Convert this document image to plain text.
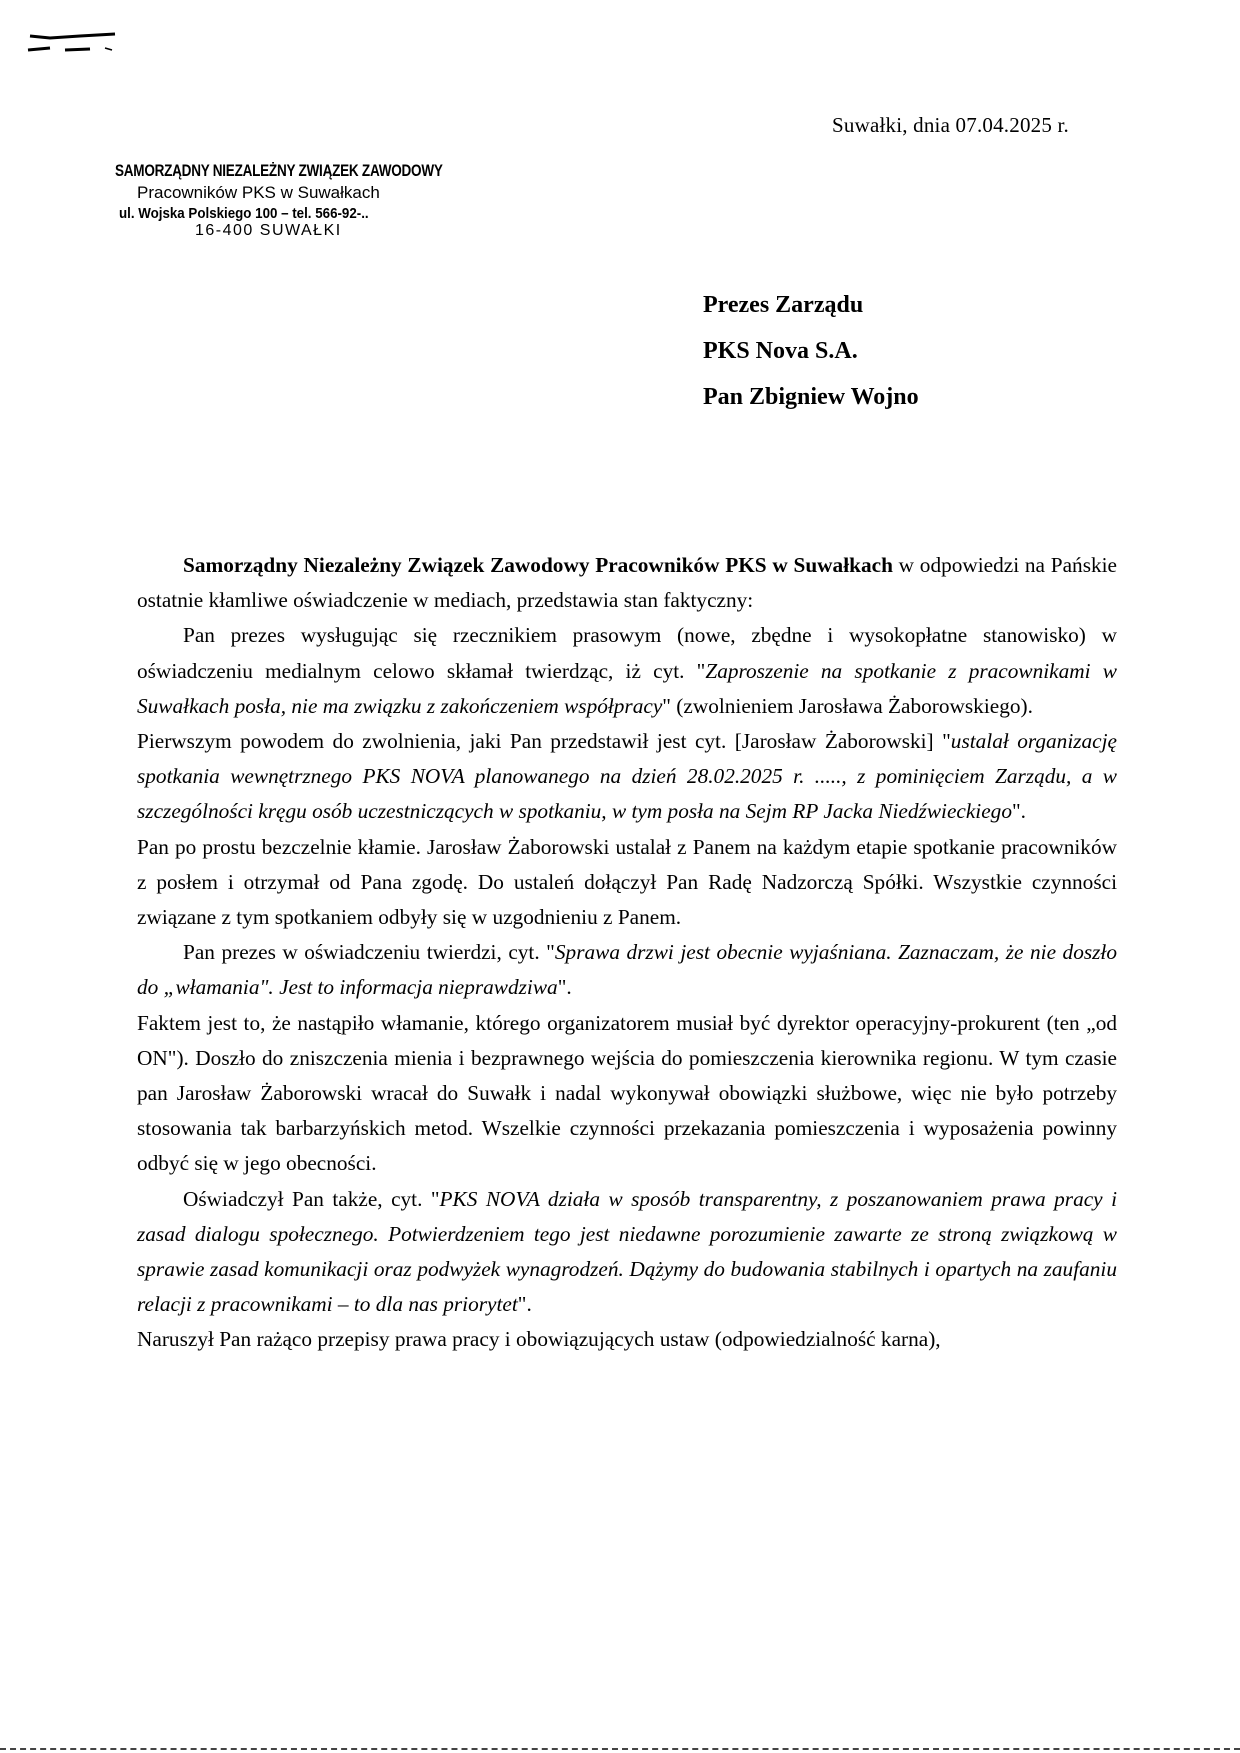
Suwałki, dnia 07.04.2025 r.
SAMORZĄDNY NIEZALEŻNY ZWIĄZEK ZAWODOWY
Pracowników PKS w Suwałkach
ul. Wojska Polskiego 100 – tel. 566-92-..
16-400 SUWAŁKI
Prezes Zarządu
PKS Nova S.A.
Pan Zbigniew Wojno

Samorządny Niezależny Związek Zawodowy Pracowników PKS w Suwałkach w odpowiedzi na Pańskie ostatnie kłamliwe oświadczenie w mediach, przedstawia stan faktyczny:

Pan prezes wysługując się rzecznikiem prasowym (nowe, zbędne i wysokopłatne stanowisko) w oświadczeniu medialnym celowo skłamał twierdząc, iż cyt. "Zaproszenie na spotkanie z pracownikami w Suwałkach posła, nie ma związku z zakończeniem współpracy" (zwolnieniem Jarosława Żaborowskiego).

Pierwszym powodem do zwolnienia, jaki Pan przedstawił jest cyt. [Jarosław Żaborowski] "ustalał organizację spotkania wewnętrznego PKS NOVA planowanego na dzień 28.02.2025 r. ....., z pominięciem Zarządu, a w szczególności kręgu osób uczestniczących w spotkaniu, w tym posła na Sejm RP Jacka Niedźwieckiego".

Pan po prostu bezczelnie kłamie. Jarosław Żaborowski ustalał z Panem na każdym etapie spotkanie pracowników z posłem i otrzymał od Pana zgodę. Do ustaleń dołączył Pan Radę Nadzorczą Spółki. Wszystkie czynności związane z tym spotkaniem odbyły się w uzgodnieniu z Panem.

Pan prezes w oświadczeniu twierdzi, cyt. "Sprawa drzwi jest obecnie wyjaśniana. Zaznaczam, że nie doszło do „włamania". Jest to informacja nieprawdziwa".

Faktem jest to, że nastąpiło włamanie, którego organizatorem musiał być dyrektor operacyjny-prokurent (ten „od ON"). Doszło do zniszczenia mienia i bezprawnego wejścia do pomieszczenia kierownika regionu. W tym czasie pan Jarosław Żaborowski wracał do Suwałk i nadal wykonywał obowiązki służbowe, więc nie było potrzeby stosowania tak barbarzyńskich metod. Wszelkie czynności przekazania pomieszczenia i wyposażenia powinny odbyć się w jego obecności.

Oświadczył Pan także, cyt. "PKS NOVA działa w sposób transparentny, z poszanowaniem prawa pracy i zasad dialogu społecznego. Potwierdzeniem tego jest niedawne porozumienie zawarte ze stroną związkową w sprawie zasad komunikacji oraz podwyżek wynagrodzeń. Dążymy do budowania stabilnych i opartych na zaufaniu relacji z pracownikami – to dla nas priorytet".

Naruszył Pan rażąco przepisy prawa pracy i obowiązujących ustaw (odpowiedzialność karna),
